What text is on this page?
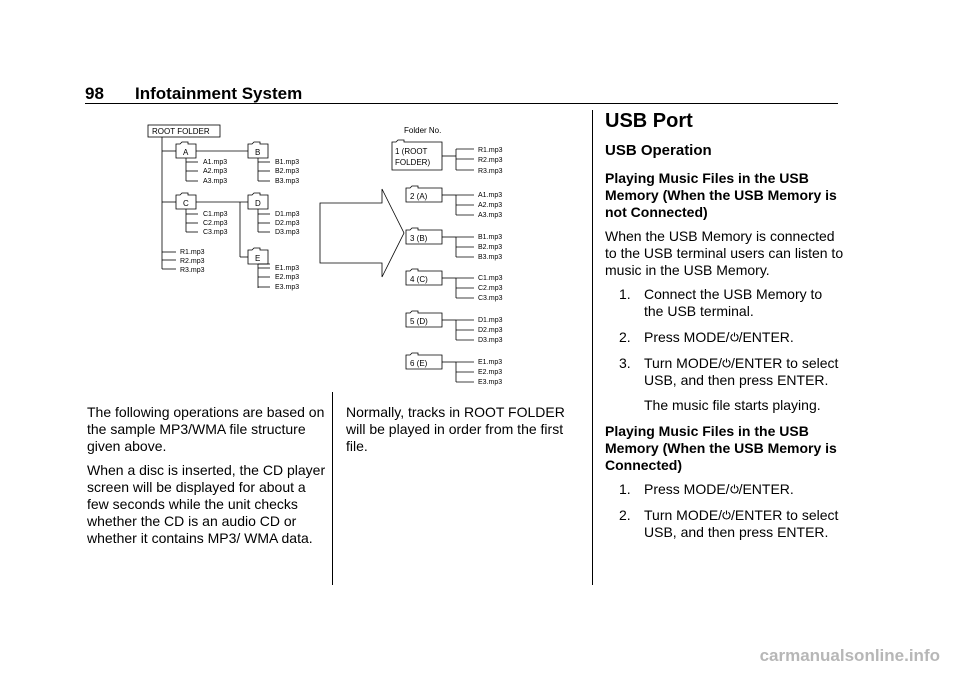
98 Infotainment System
ROOT FOLDER
A
A1.mp3
A2.mp3
A3.mp3
B
B1.mp3
B2.mp3
B3.mp3
C
C1.mp3
C2.mp3
C3.mp3
D
D1.mp3
D2.mp3
D3.mp3
E
E1.mp3
E2.mp3
E3.mp3
R1.mp3
R2.mp3
R3.mp3
Folder No.
1 (ROOT
FOLDER)
R1.mp3
R2.mp3
R3.mp3
2 (A)	A1.mp3
A2.mp3
A3.mp3
3 (B)	B1.mp3
B2.mp3
B3.mp3
4 (C)	C1.mp3
C2.mp3
C3.mp3
5 (D)	D1.mp3
D2.mp3
D3.mp3
6 (E)	E1.mp3
E2.mp3
E3.mp3

The following operations are based on the sample MP3/WMA file structure given above.

When a disc is inserted, the CD player screen will be displayed for about a few seconds while the unit checks whether the CD is an audio CD or whether it contains MP3/ WMA data.

Normally, tracks in ROOT FOLDER will be played in order from the first file.

USB Port
USB Operation

Playing Music Files in the USB Memory (When the USB Memory is not Connected)

When the USB Memory is connected to the USB terminal users can listen to music in the USB Memory.

1. Connect the USB Memory to the USB terminal.
2. Press MODE/ /ENTER.
3. Turn MODE/ /ENTER to select USB, and then press ENTER.
The music file starts playing.

Playing Music Files in the USB Memory (When the USB Memory is Connected)

1. Press MODE/ /ENTER.
2. Turn MODE/ /ENTER to select USB, and then press ENTER.
carmanualsonline.info
